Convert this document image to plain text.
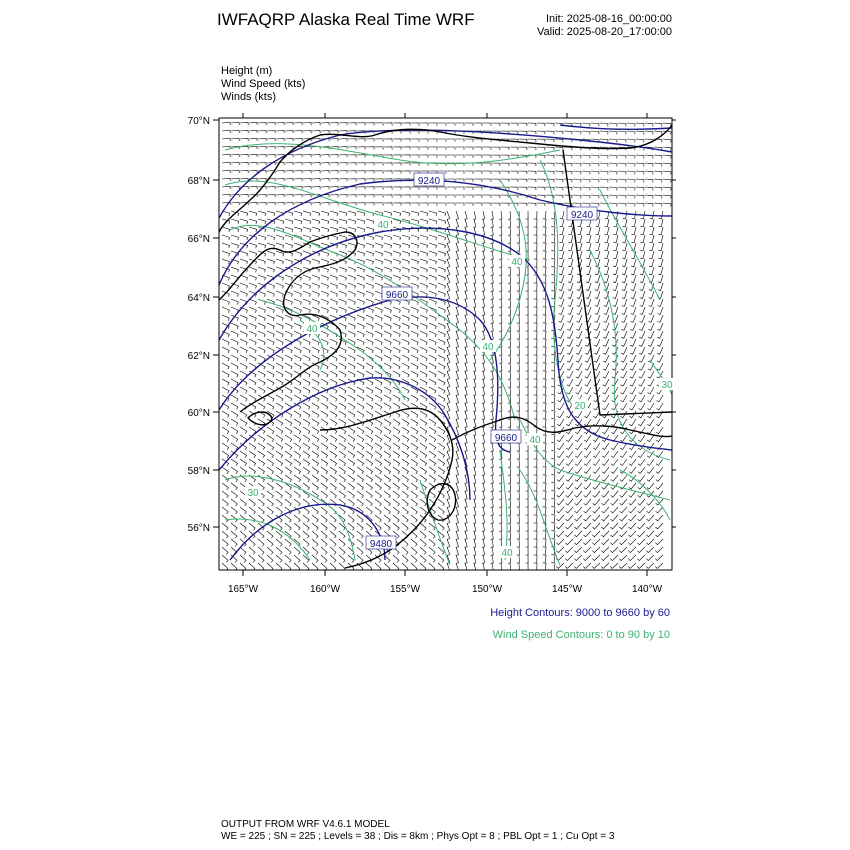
IWFAQRP Alaska Real Time WRF	Init: 2025-08-16_00:00:00
Valid: 2025-08-20_17:00:00
Height (m)
Wind Speed (kts)
Winds (kts)
70°N
68°N
66°N
64°N
62°N
60°N
58°N
56°N
165°W	160°W	155°W	150°W	145°W	140°W
9240
9240
9660
9660
9480
40
40
40
40
40
20
30
40
30
Height Contours: 9000 to 9660 by 60
Wind Speed Contours: 0 to 90 by 10
OUTPUT FROM WRF V4.6.1 MODEL
WE = 225 ; SN = 225 ; Levels = 38 ; Dis = 8km ; Phys Opt = 8 ; PBL Opt = 1 ; Cu Opt = 3
